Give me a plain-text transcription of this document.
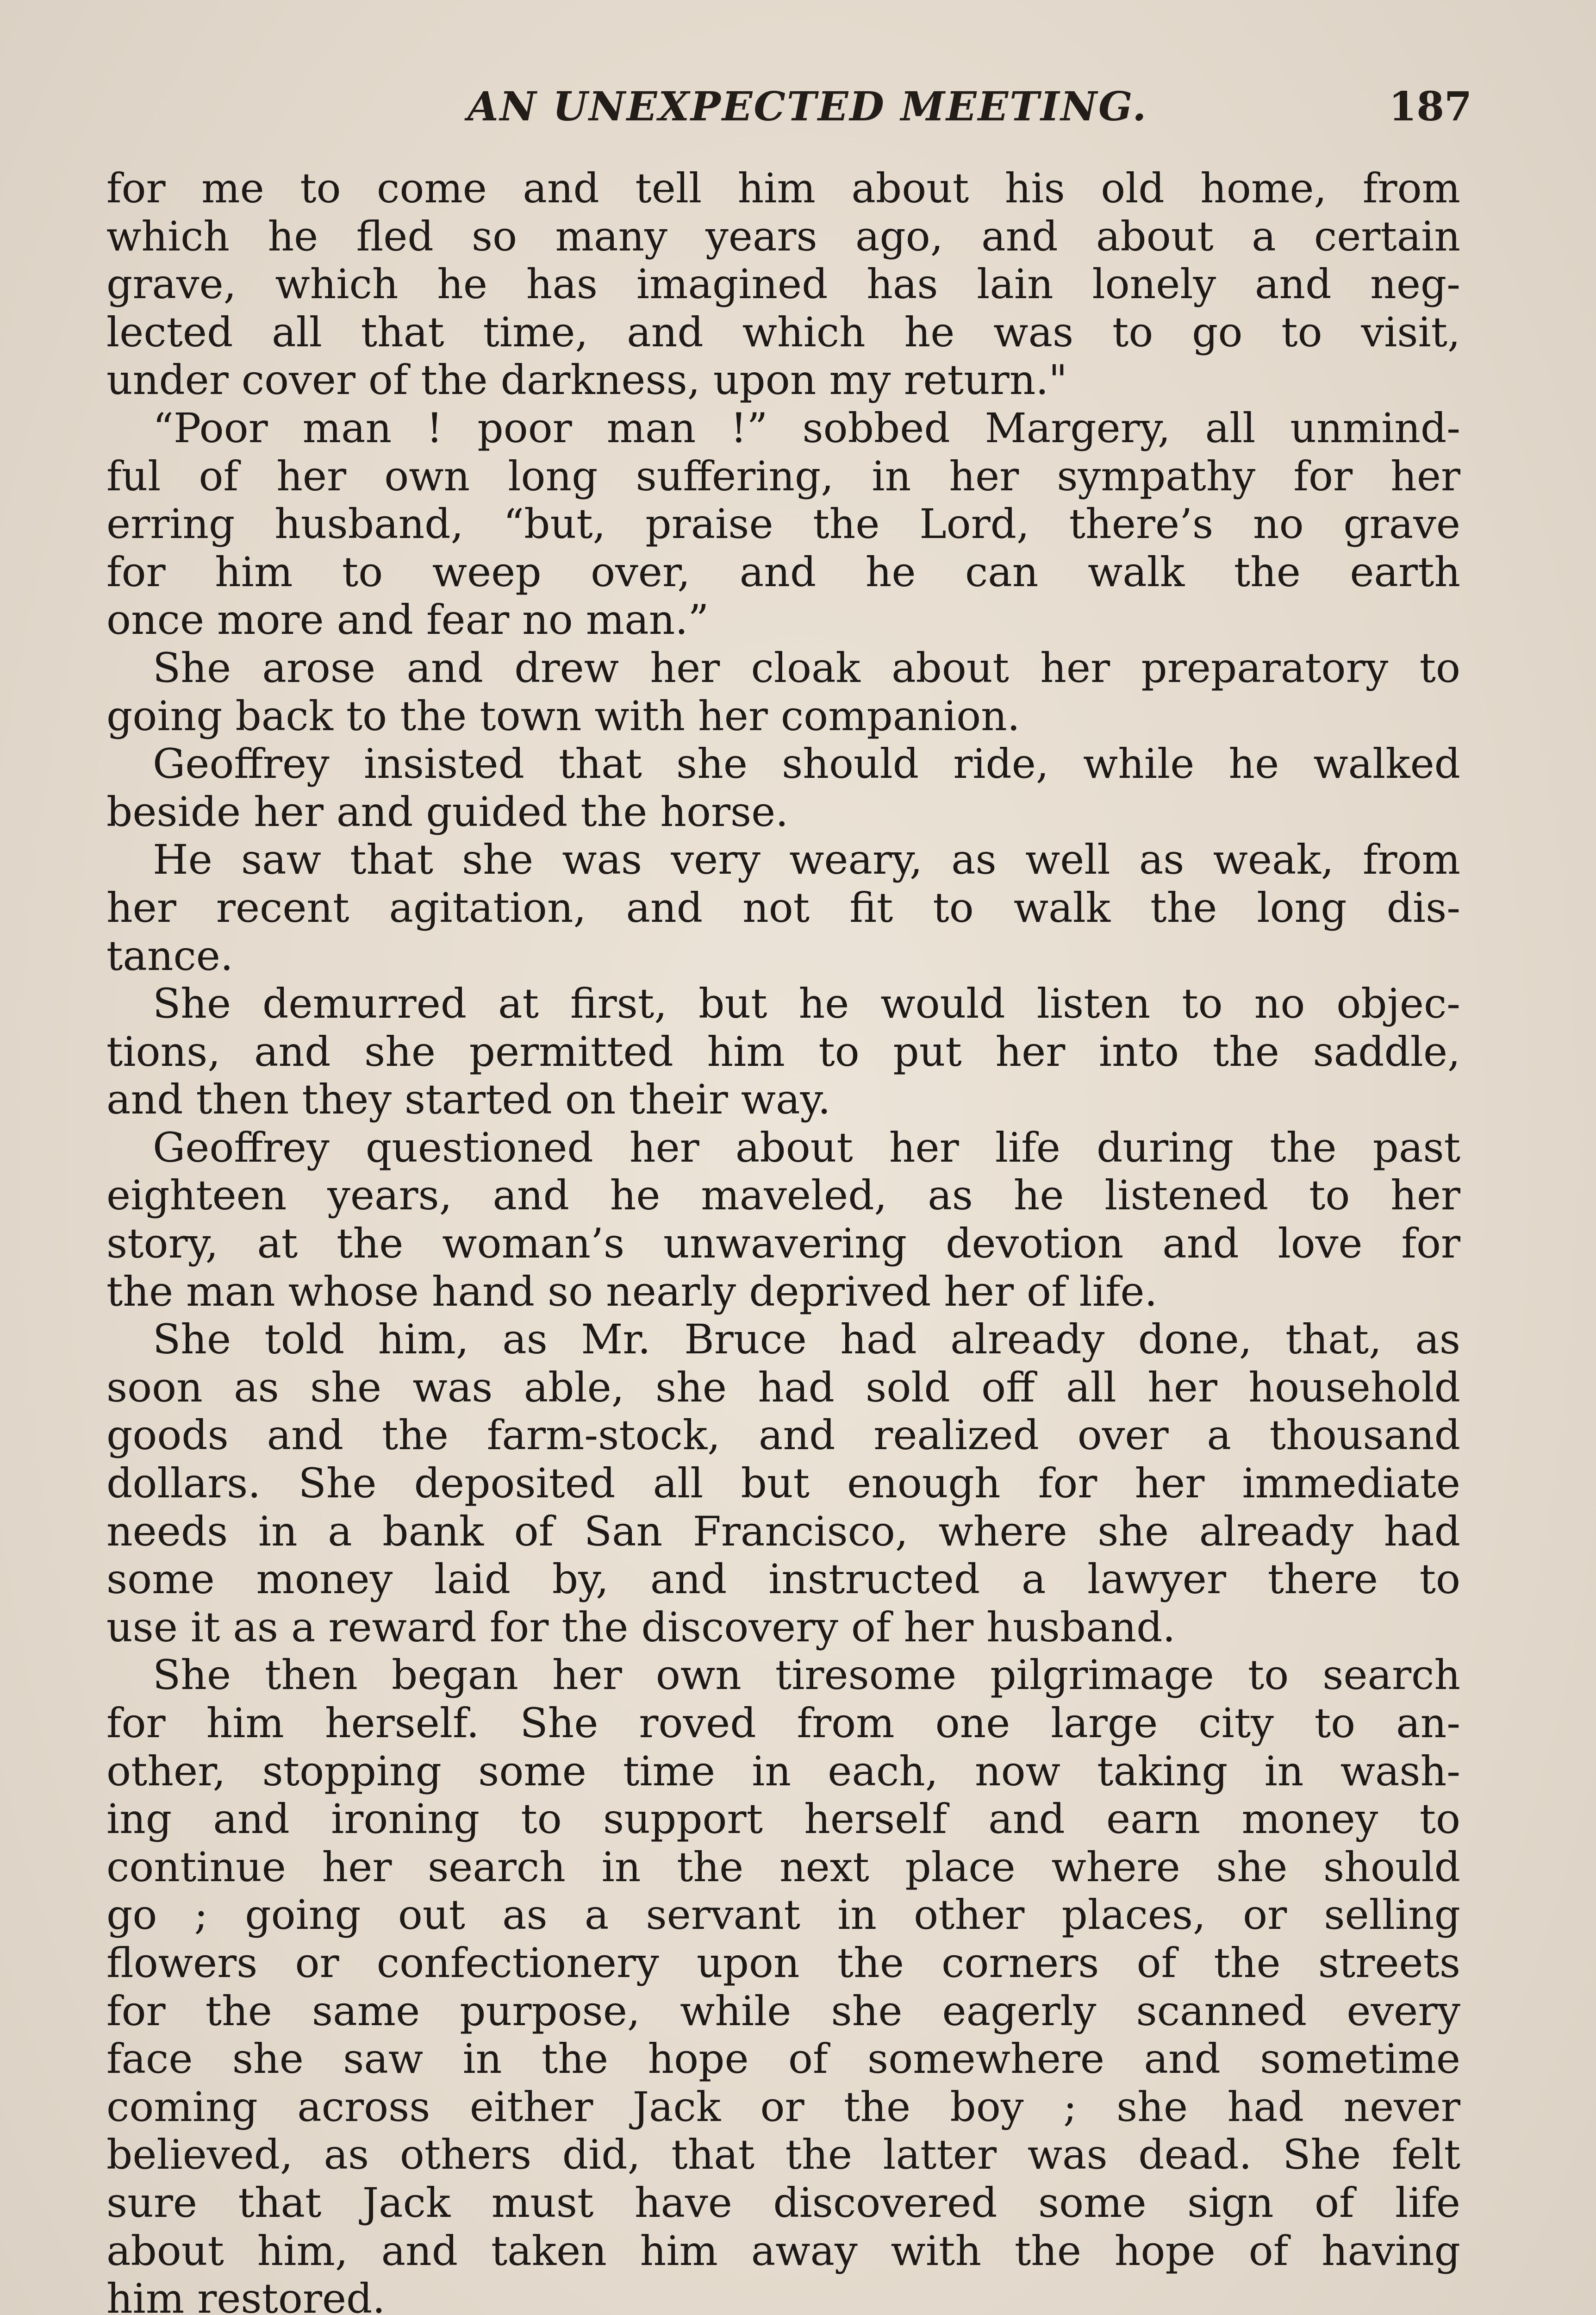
AN UNEXPECTED MEETING.	187
for me to come and tell him about his old home, from
which he fled so many years ago, and about a certain
grave, which he has imagined has lain lonely and neg-
lected all that time, and which he was to go to visit,
under cover of the darkness, upon my return."
“Poor man ! poor man !” sobbed Margery, all unmind-
ful of her own long suffering, in her sympathy for her
erring husband, “but, praise the Lord, there’s no grave
for him to weep over, and he can walk the earth
once more and fear no man.”
She arose and drew her cloak about her preparatory to
going back to the town with her companion.
Geoffrey insisted that she should ride, while he walked
beside her and guided the horse.
He saw that she was very weary, as well as weak, from
her recent agitation, and not fit to walk the long dis-
tance.
She demurred at first, but he would listen to no objec-
tions, and she permitted him to put her into the saddle,
and then they started on their way.
Geoffrey questioned her about her life during the past
eighteen years, and he maveled, as he listened to her
story, at the woman’s unwavering devotion and love for
the man whose hand so nearly deprived her of life.
She told him, as Mr. Bruce had already done, that, as
soon as she was able, she had sold off all her household
goods and the farm-stock, and realized over a thousand
dollars. She deposited all but enough for her immediate
needs in a bank of San Francisco, where she already had
some money laid by, and instructed a lawyer there to
use it as a reward for the discovery of her husband.
She then began her own tiresome pilgrimage to search
for him herself. She roved from one large city to an-
other, stopping some time in each, now taking in wash-
ing and ironing to support herself and earn money to
continue her search in the next place where she should
go ; going out as a servant in other places, or selling
flowers or confectionery upon the corners of the streets
for the same purpose, while she eagerly scanned every
face she saw in the hope of somewhere and sometime
coming across either Jack or the boy ; she had never
believed, as others did, that the latter was dead. She felt
sure that Jack must have discovered some sign of life
about him, and taken him away with the hope of having
him restored.
